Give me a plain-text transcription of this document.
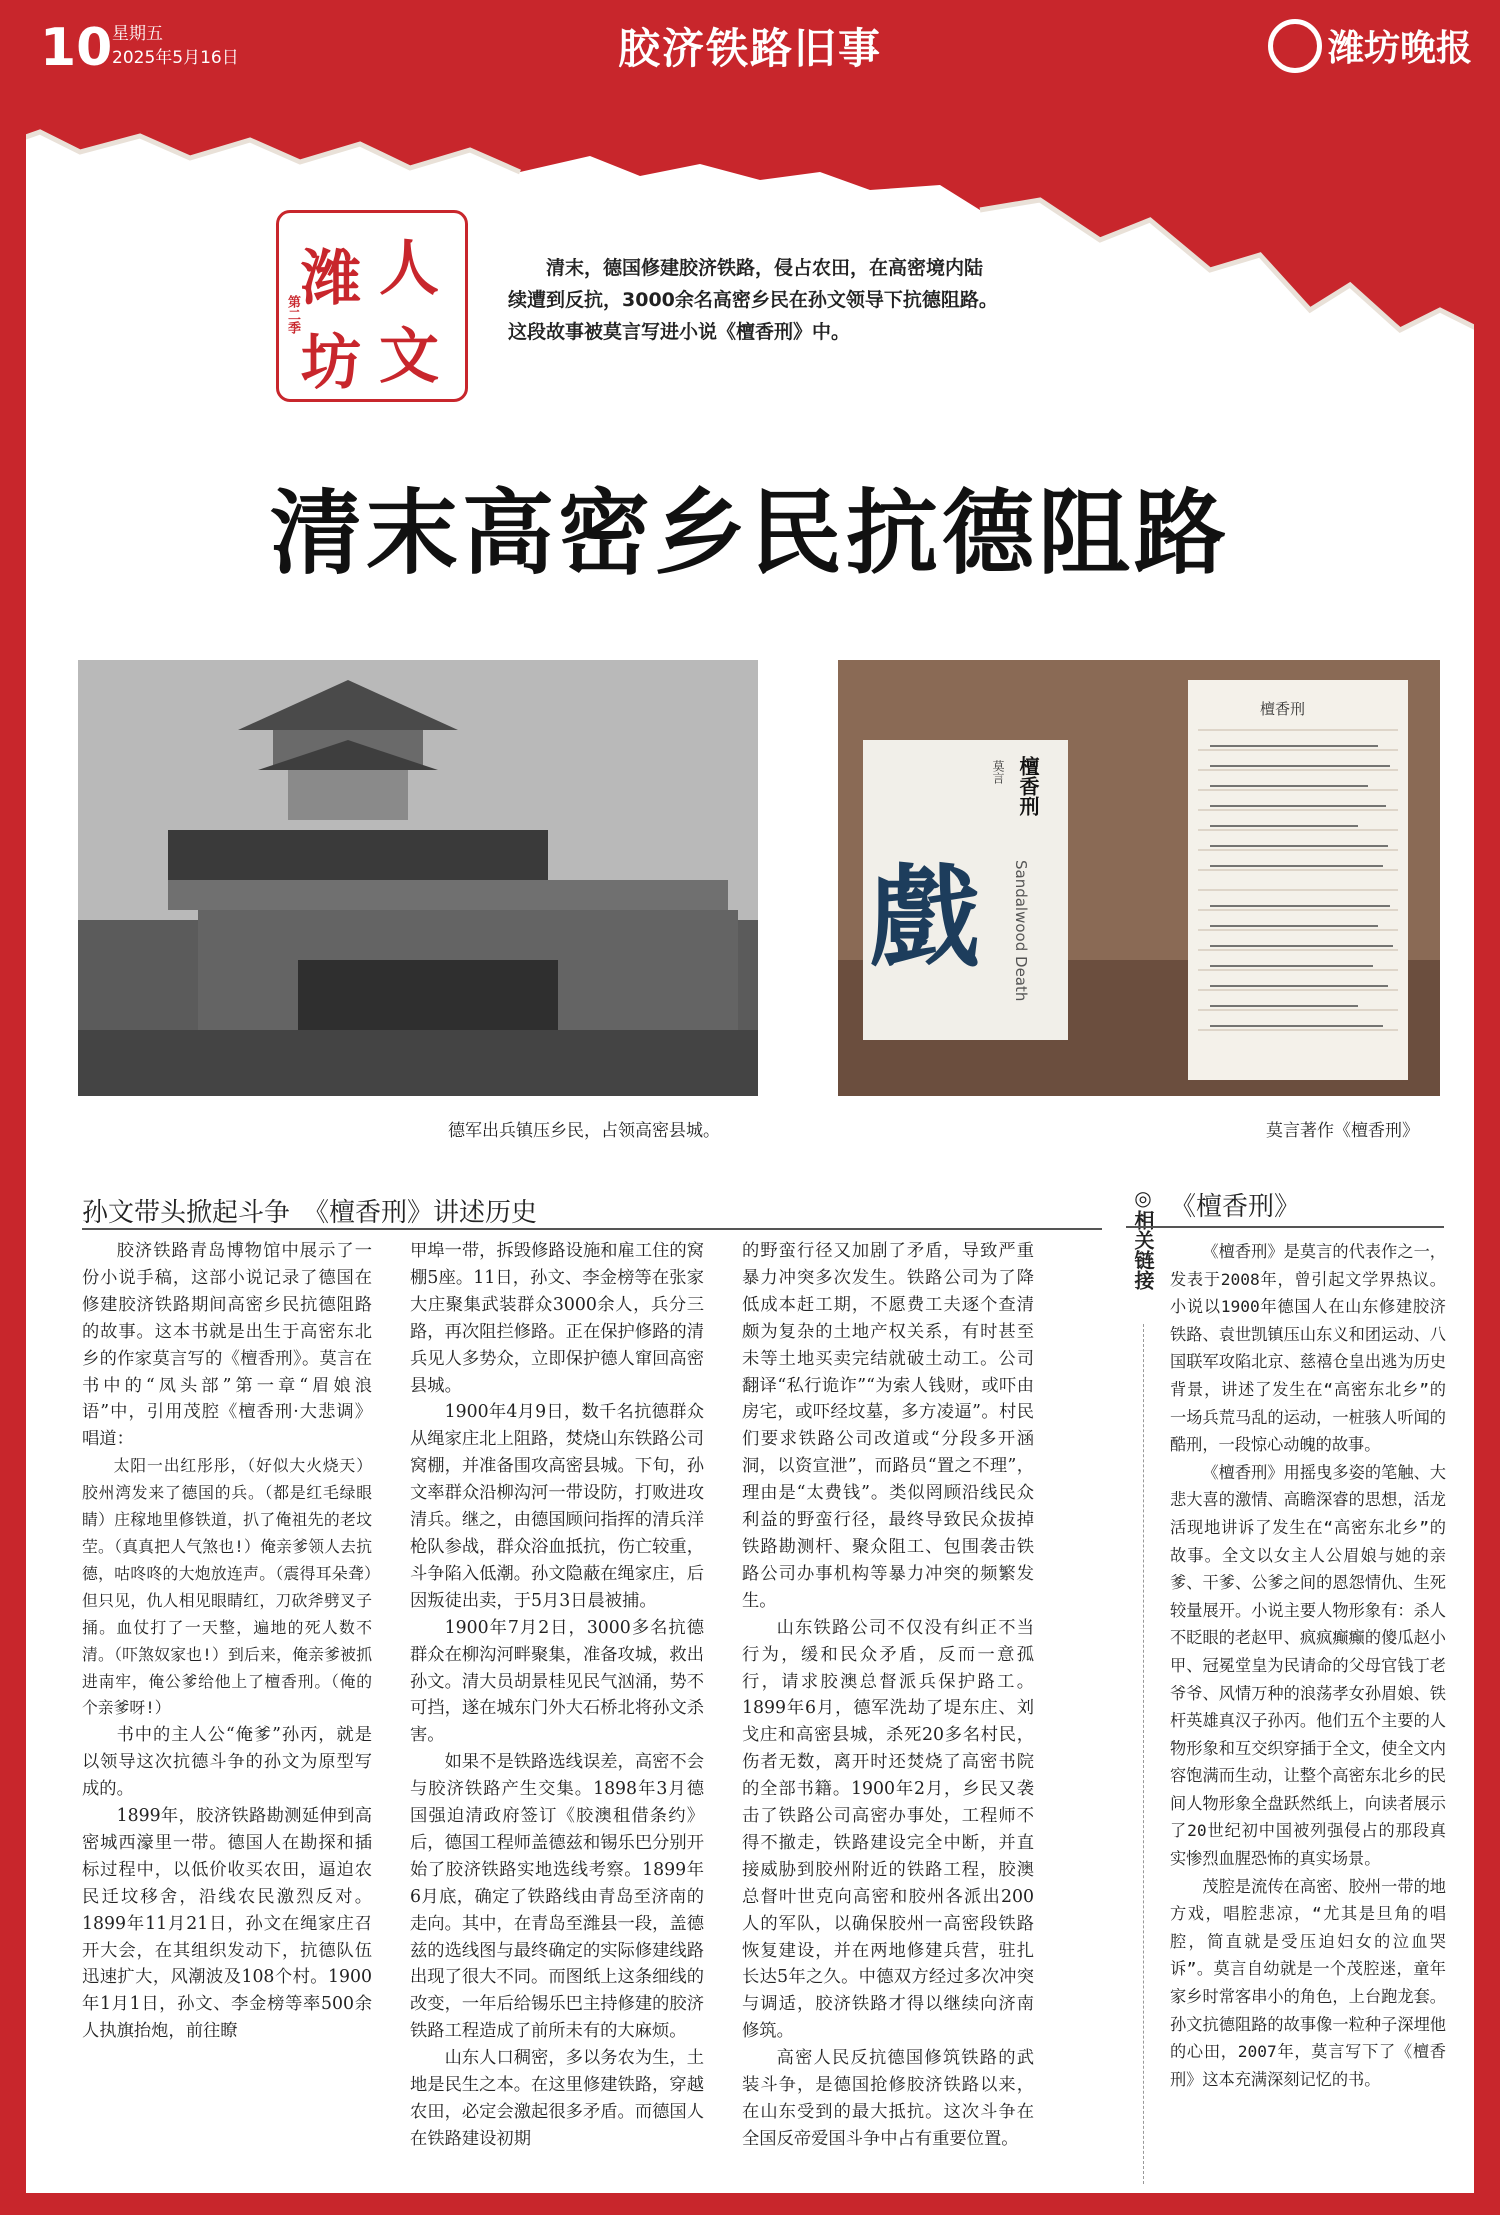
10 星期五
2025年5月16日	胶济铁路旧事	潍坊晚报
潍 人
坊 文
第二季
清末，德国修建胶济铁路，侵占农田，在高密境内陆续遭到反抗，3000余名高密乡民在孙文领导下抗德阻路。这段故事被莫言写进小说《檀香刑》中。
清末高密乡民抗德阻路
德军出兵镇压乡民，占领高密县城。
戲
檀香刑
莫言
Sandalwood Death
檀香刑
莫言著作《檀香刑》
孙文带头掀起斗争　《檀香刑》讲述历史

胶济铁路青岛博物馆中展示了一份小说手稿，这部小说记录了德国在修建胶济铁路期间高密乡民抗德阻路的故事。这本书就是出生于高密东北乡的作家莫言写的《檀香刑》。莫言在书中的“凤头部”第一章“眉娘浪语”中，引用茂腔《檀香刑·大悲调》唱道：

太阳一出红彤彤，（好似大火烧天）胶州湾发来了德国的兵。（都是红毛绿眼睛）庄稼地里修铁道，扒了俺祖先的老坟茔。（真真把人气煞也!）俺亲爹领人去抗德，咕咚咚的大炮放连声。（震得耳朵聋）但只见，仇人相见眼睛红，刀砍斧劈叉子捅。血仗打了一天整，遍地的死人数不清。（吓煞奴家也!）到后来，俺亲爹被抓进南牢，俺公爹给他上了檀香刑。（俺的个亲爹呀!）

书中的主人公“俺爹”孙丙，就是以领导这次抗德斗争的孙文为原型写成的。

1899年，胶济铁路勘测延伸到高密城西濠里一带。德国人在勘探和插标过程中，以低价收买农田，逼迫农民迁坟移舍，沿线农民激烈反对。1899年11月21日，孙文在绳家庄召开大会，在其组织发动下，抗德队伍迅速扩大，风潮波及108个村。1900年1月1日，孙文、李金榜等率500余人执旗抬炮，前往瞭

甲埠一带，拆毁修路设施和雇工住的窝棚5座。11日，孙文、李金榜等在张家大庄聚集武装群众3000余人，兵分三路，再次阻拦修路。正在保护修路的清兵见人多势众，立即保护德人窜回高密县城。

1900年4月9日，数千名抗德群众从绳家庄北上阻路，焚烧山东铁路公司窝棚，并准备围攻高密县城。下旬，孙文率群众沿柳沟河一带设防，打败进攻清兵。继之，由德国顾问指挥的清兵洋枪队参战，群众浴血抵抗，伤亡较重，斗争陷入低潮。孙文隐蔽在绳家庄，后因叛徒出卖，于5月3日晨被捕。

1900年7月2日，3000多名抗德群众在柳沟河畔聚集，准备攻城，救出孙文。清大员胡景桂见民气汹涌，势不可挡，遂在城东门外大石桥北将孙文杀害。

如果不是铁路选线误差，高密不会与胶济铁路产生交集。1898年3月德国强迫清政府签订《胶澳租借条约》后，德国工程师盖德兹和锡乐巴分别开始了胶济铁路实地选线考察。1899年6月底，确定了铁路线由青岛至济南的走向。其中，在青岛至潍县一段，盖德兹的选线图与最终确定的实际修建线路出现了很大不同。而图纸上这条细线的改变，一年后给锡乐巴主持修建的胶济铁路工程造成了前所未有的大麻烦。

山东人口稠密，多以务农为生，土地是民生之本。在这里修建铁路，穿越农田，必定会激起很多矛盾。而德国人在铁路建设初期

的野蛮行径又加剧了矛盾，导致严重暴力冲突多次发生。铁路公司为了降低成本赶工期，不愿费工夫逐个查清颇为复杂的土地产权关系，有时甚至未等土地买卖完结就破土动工。公司翻译“私行诡诈”“为索人钱财，或吓由房宅，或吓经坟墓，多方凌逼”。村民们要求铁路公司改道或“分段多开涵洞，以资宣泄”，而路员“置之不理”，理由是“太费钱”。类似罔顾沿线民众利益的野蛮行径，最终导致民众拔掉铁路勘测杆、聚众阻工、包围袭击铁路公司办事机构等暴力冲突的频繁发生。

山东铁路公司不仅没有纠正不当行为，缓和民众矛盾，反而一意孤行，请求胶澳总督派兵保护路工。1899年6月，德军洗劫了堤东庄、刘戈庄和高密县城，杀死20多名村民，伤者无数，离开时还焚烧了高密书院的全部书籍。1900年2月，乡民又袭击了铁路公司高密办事处，工程师不得不撤走，铁路建设完全中断，并直接威胁到胶州附近的铁路工程，胶澳总督叶世克向高密和胶州各派出200人的军队，以确保胶州一高密段铁路恢复建设，并在两地修建兵营，驻扎长达5年之久。中德双方经过多次冲突与调适，胶济铁路才得以继续向济南修筑。

高密人民反抗德国修筑铁路的武装斗争，是德国抢修胶济铁路以来，在山东受到的最大抵抗。这次斗争在全国反帝爱国斗争中占有重要位置。

◎相关链接 《檀香刑》

《檀香刑》是莫言的代表作之一，发表于2008年，曾引起文学界热议。小说以1900年德国人在山东修建胶济铁路、袁世凯镇压山东义和团运动、八国联军攻陷北京、慈禧仓皇出逃为历史背景，讲述了发生在“高密东北乡”的一场兵荒马乱的运动，一桩骇人听闻的酷刑，一段惊心动魄的故事。

《檀香刑》用摇曳多姿的笔触、大悲大喜的激情、高瞻深睿的思想，活龙活现地讲诉了发生在“高密东北乡”的故事。全文以女主人公眉娘与她的亲爹、干爹、公爹之间的恩怨情仇、生死较量展开。小说主要人物形象有：杀人不眨眼的老赵甲、疯疯癫癫的傻瓜赵小甲、冠冕堂皇为民请命的父母官钱丁老爷爷、风情万种的浪荡孝女孙眉娘、铁杆英雄真汉子孙丙。他们五个主要的人物形象和互交织穿插于全文，使全文内容饱满而生动，让整个高密东北乡的民间人物形象全盘跃然纸上，向读者展示了20世纪初中国被列强侵占的那段真实惨烈血腥恐怖的真实场景。

茂腔是流传在高密、胶州一带的地方戏，唱腔悲凉，“尤其是旦角的唱腔，简直就是受压迫妇女的泣血哭诉”。莫言自幼就是一个茂腔迷，童年家乡时常客串小的角色，上台跑龙套。孙文抗德阻路的故事像一粒种子深埋他的心田，2007年，莫言写下了《檀香刑》这本充满深刻记忆的书。
